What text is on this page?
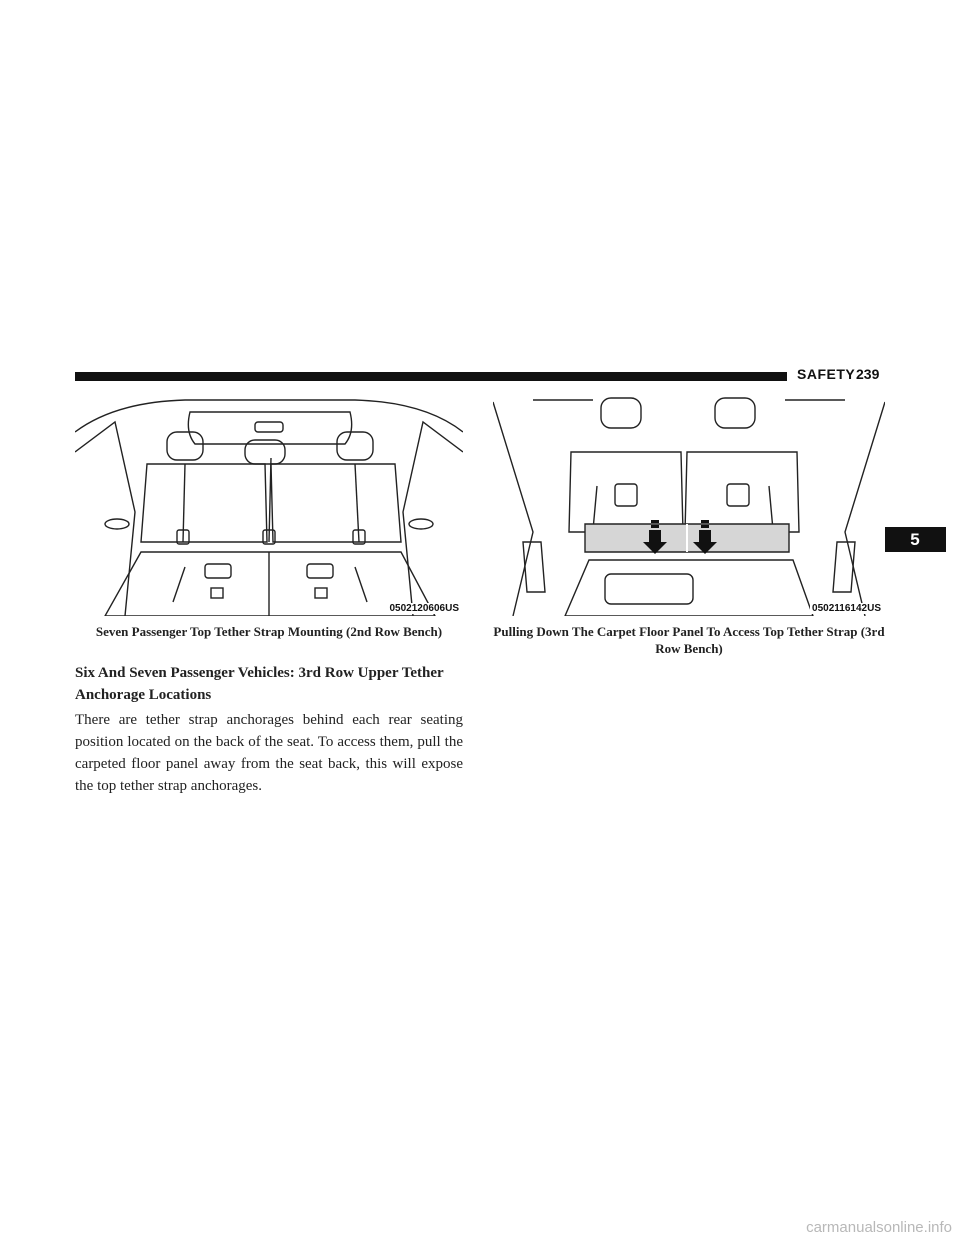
SAFETY 239
5
0502120606US	0502116142US
Seven Passenger Top Tether Strap Mounting (2nd Row Bench)	Pulling Down The Carpet Floor Panel To Access Top Tether Strap (3rd Row Bench)
Six And Seven Passenger Vehicles: 3rd Row Upper Tether Anchorage Locations

There are tether strap anchorages behind each rear seating position located on the back of the seat. To access them, pull the carpeted floor panel away from the seat back, this will expose the top tether strap anchorages.

carmanualsonline.info
